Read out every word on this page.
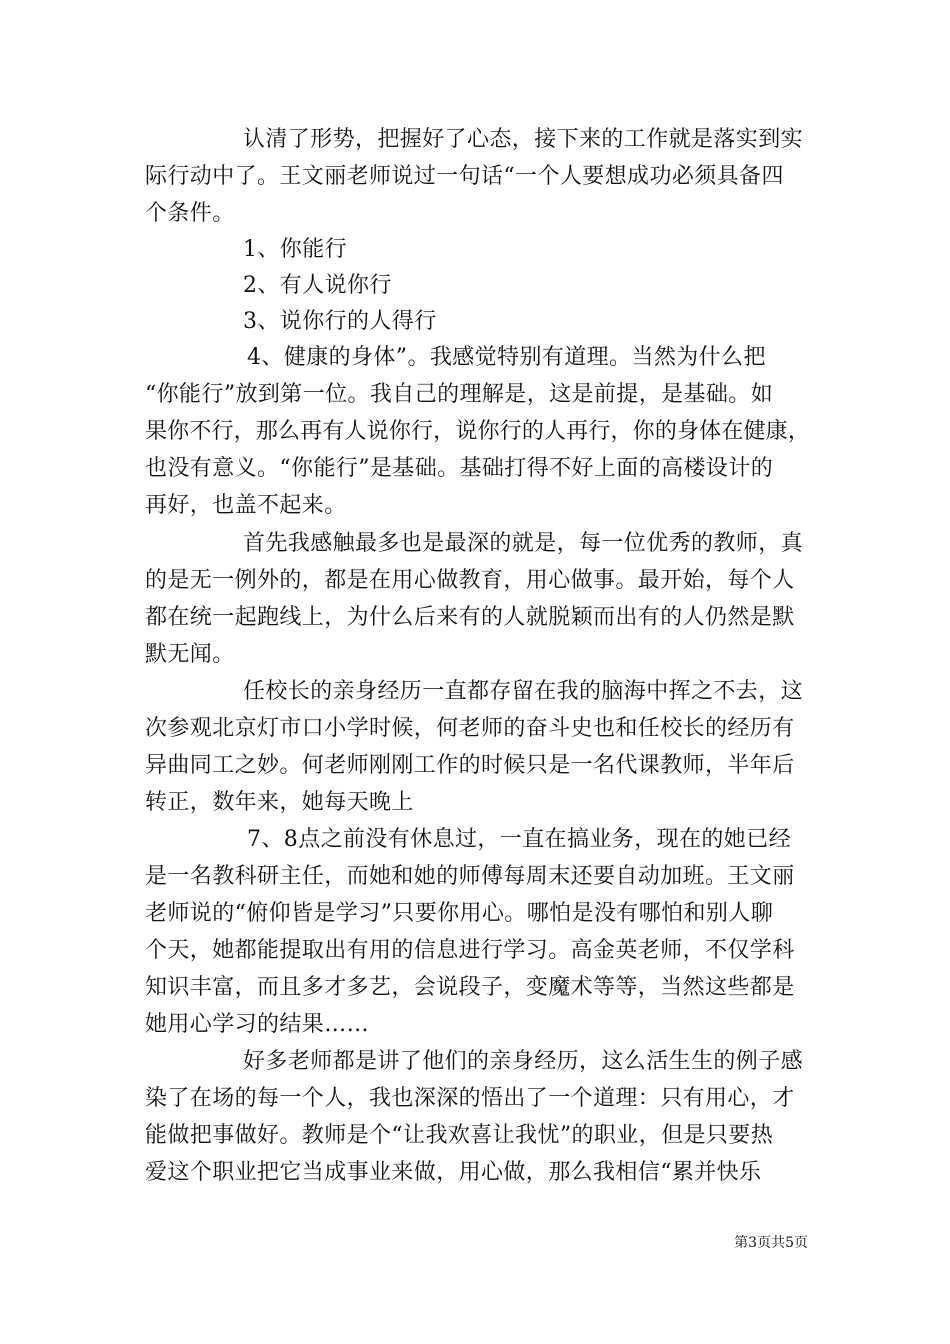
认清了形势，把握好了心态，接下来的工作就是落实到实
际行动中了。王文丽老师说过一句话“一个人要想成功必须具备四
个条件。
1、你能行
2、有人说你行
3、说你行的人得行
4、健康的身体”。我感觉特别有道理。当然为什么把
“你能行”放到第一位。我自己的理解是，这是前提，是基础。如
果你不行，那么再有人说你行，说你行的人再行，你的身体在健康，
也没有意义。“你能行”是基础。基础打得不好上面的高楼设计的
再好，也盖不起来。
首先我感触最多也是最深的就是，每一位优秀的教师，真
的是无一例外的，都是在用心做教育，用心做事。最开始，每个人
都在统一起跑线上，为什么后来有的人就脱颖而出有的人仍然是默
默无闻。
任校长的亲身经历一直都存留在我的脑海中挥之不去，这
次参观北京灯市口小学时候，何老师的奋斗史也和任校长的经历有
异曲同工之妙。何老师刚刚工作的时候只是一名代课教师，半年后
转正，数年来，她每天晚上
7、8点之前没有休息过，一直在搞业务，现在的她已经
是一名教科研主任，而她和她的师傅每周末还要自动加班。王文丽
老师说的“俯仰皆是学习”只要你用心。哪怕是没有哪怕和别人聊
个天，她都能提取出有用的信息进行学习。高金英老师，不仅学科
知识丰富，而且多才多艺，会说段子，变魔术等等，当然这些都是
她用心学习的结果……
好多老师都是讲了他们的亲身经历，这么活生生的例子感
染了在场的每一个人，我也深深的悟出了一个道理：只有用心，才
能做把事做好。教师是个“让我欢喜让我忧”的职业，但是只要热
爱这个职业把它当成事业来做，用心做，那么我相信“累并快乐
第3页共5页
